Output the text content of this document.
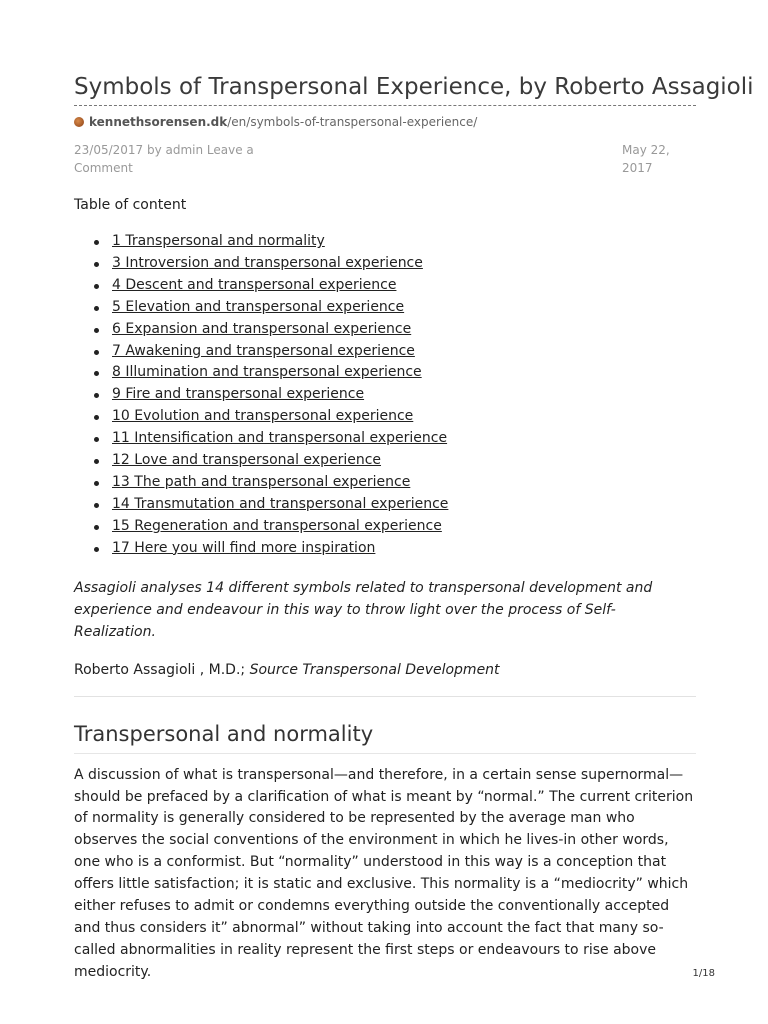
Symbols of Transpersonal Experience, by Roberto Assagioli
kennethsorensen.dk /en/symbols-of-transpersonal-experience/
23/05/2017 by admin Leave a Comment
May 22, 2017
Table of content
1 Transpersonal and normality
3 Introversion and transpersonal experience
4 Descent and transpersonal experience
5 Elevation and transpersonal experience
6 Expansion and transpersonal experience
7 Awakening and transpersonal experience
8 Illumination and transpersonal experience
9 Fire and transpersonal experience
10 Evolution and transpersonal experience
11 Intensification and transpersonal experience
12 Love and transpersonal experience
13 The path and transpersonal experience
14 Transmutation and transpersonal experience
15 Regeneration and transpersonal experience
17 Here you will find more inspiration
Assagioli analyses 14 different symbols related to transpersonal development and experience and endeavour in this way to throw light over the process of Self-Realization.
Roberto Assagioli , M.D.; Source Transpersonal Development
Transpersonal and normality
A discussion of what is transpersonal—and therefore, in a certain sense supernormal—should be prefaced by a clarification of what is meant by “normal.” The current criterion of normality is generally considered to be represented by the average man who observes the social conventions of the environment in which he lives-in other words, one who is a conformist. But “normality” understood in this way is a conception that offers little satisfaction; it is static and exclusive. This normality is a “mediocrity” which either refuses to admit or condemns everything outside the conventionally accepted and thus considers it” abnormal” without taking into account the fact that many so-called abnormalities in reality represent the first steps or endeavours to rise above mediocrity.	1/18
